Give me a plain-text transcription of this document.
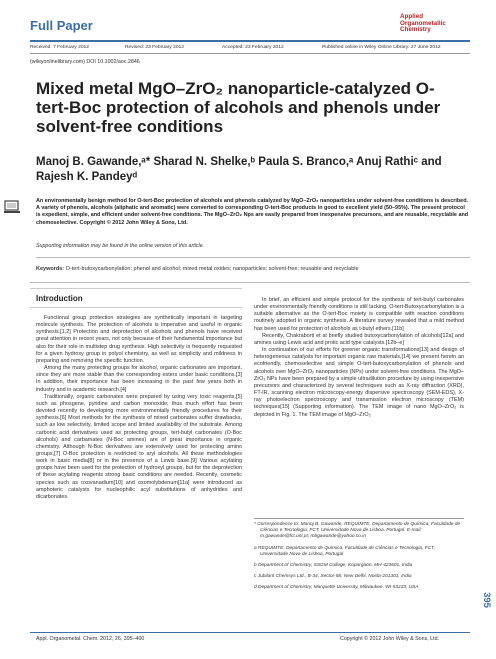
Full Paper
Applied
Organometallic
Chemistry
Received: 7 February 2012	Revised: 23 February 2012	Accepted: 23 February 2012	Published online in Wiley Online Library: 27 June 2012
(wileyonlinelibrary.com) DOI 10.1002/aoc.2846
Mixed metal MgO–ZrO₂ nanoparticle-catalyzed O-tert-Boc protection of alcohols and phenols under solvent-free conditions
Manoj B. Gawande,ᵃ* Sharad N. Shelke,ᵇ Paula S. Branco,ᵃ Anuj Rathiᶜ and Rajesh K. Pandeyᵈ
An environmentally benign method for O-tert-Boc protection of alcohols and phenols catalyzed by MgO–ZrO₂ nanoparticles under solvent-free conditions is described. A variety of phenols, alcohols (aliphatic and aromatic) were converted to corresponding O-tert-Boc products in good to excellent yield (50–95%). The present protocol is expedient, simple, and efficient under solvent-free conditions. The MgO–ZrO₂ Nps are easily prepared from inexpensive precursors, and are reusable, recyclable and chemoselective. Copyright © 2012 John Wiley & Sons, Ltd.
Supporting information may be found in the online version of this article.
Keywords: O-tert-butoxycarbonylation; phenol and alcohol; mixed metal oxides; nanoparticles; solvent-free; reusable and recyclable
Introduction

Functional group protection strategies are synthetically important in targeting molecule synthesis. The protection of alcohols is imperative and useful in organic synthesis.[1,2] Protection and deprotection of alcohols and phenols have received great attention in recent years, not only because of their fundamental importance but also for their role in multistep drug synthesis. High selectivity is frequently requested for a given hydroxy group in polyol chemistry, as well as simplicity and mildness in preparing and removing the specific function.

Among the many protecting groups for alcohol, organic carbonates are important, since they are more stable than the corresponding esters under basic conditions.[3] In addition, their importance has been increasing in the past few years both in industry and in academic research.[4]

Traditionally, organic carbonates were prepared by using very toxic reagents,[5] such as phosgene, pyridine and carbon monoxide; thus much effort has been devoted recently to developing more environmentally friendly procedures for their synthesis.[6] Most methods for the synthesis of mixed carbonates suffer drawbacks, such as low selectivity, limited scope and limited availability of the substrate. Among carbonic acid derivatives used as protecting groups, tert-butyl carbonates (O-Boc alcohols) and carbamates (N-Boc amines) are of great importance in organic chemistry. Although N-Boc derivatives are extensively used for protecting amino groups,[7] O-Boc protection is restricted to aryl alcohols. All these methodologies work in basic media[8] or in the presence of a Lewis base.[9] Various acylating groups have been used for the protection of hydroxyl groups, but for the deprotection of these acylating reagents strong basic conditions are needed. Recently, cosmetic species such as oxovanadium[10] and oxomolybdenum[11a] were introduced as amphoteric catalysts for nucleophilic acyl substitutions of anhydrides and dicarbonates.

In brief, an efficient and simple protocol for the synthesis of tert-butyl carbonates under environmentally friendly conditions is still lacking. O-tert-Butoxycarbonylation is a suitable alternative as the O-tert-Boc moiety is compatible with reaction conditions routinely adopted in organic synthesis. A literature survey revealed that a mild method has been used for protection of alcohols as t-butyl ethers.[11b]

Recently, Chakraborti et al briefly studied butoxycarbonylation of alcohols[12a] and amines using Lewis acid and protic acid type catalysts.[12b–e]

In continuation of our efforts for greener organic transformations[13] and design of heterogeneous catalysts for important organic raw materials,[14] we present herein an ecofriendly, chemoselective and simple O-tert-butoxycarbonylation of phenols and alcohols over MgO–ZrO₂ nanoparticles (NPs) under solvent-free conditions. The MgO–ZrO₂ NPs have been prepared by a simple ultradilution procedure by using inexpensive precursors and characterized by several techniques such as X-ray diffraction (XRD), FT-IR, scanning electron microscopy-energy dispersive spectroscopy (SEM-EDS), X-ray photoelectron spectroscopy and transmission electron microscopy (TEM) techniques[15] (Supporting information). The TEM image of nano MgO–ZrO₂ is depicted in Fig. 1. The TEM image of MgO–ZrO₂

* Correspondence to: Manoj B. Gawande, REQUIMTE, Departamento de Química, Faculdade de Ciências e Tecnologia, FCT, Universidade Nova de Lisboa, Portugal. E-mail: m.gawande@fct.unl.pt; mbgawande@yahoo.co.in
a REQUIMTE, Departamento de Química, Faculdade de Ciências e Tecnologia, FCT, Universidade Nova de Lisboa, Portugal
b Department of Chemistry, SSGM College, Kopargaon, MH-423601, India
c Jubilant Chemsys Ltd., B-34, Sector-58, New Delhi, Noida-201301, India
d Department of Chemistry, Marquette University, Milwaukee, WI-53233, USA
395
Appl. Organometal. Chem. 2012, 26, 395–400	Copyright © 2012 John Wiley & Sons, Ltd.
